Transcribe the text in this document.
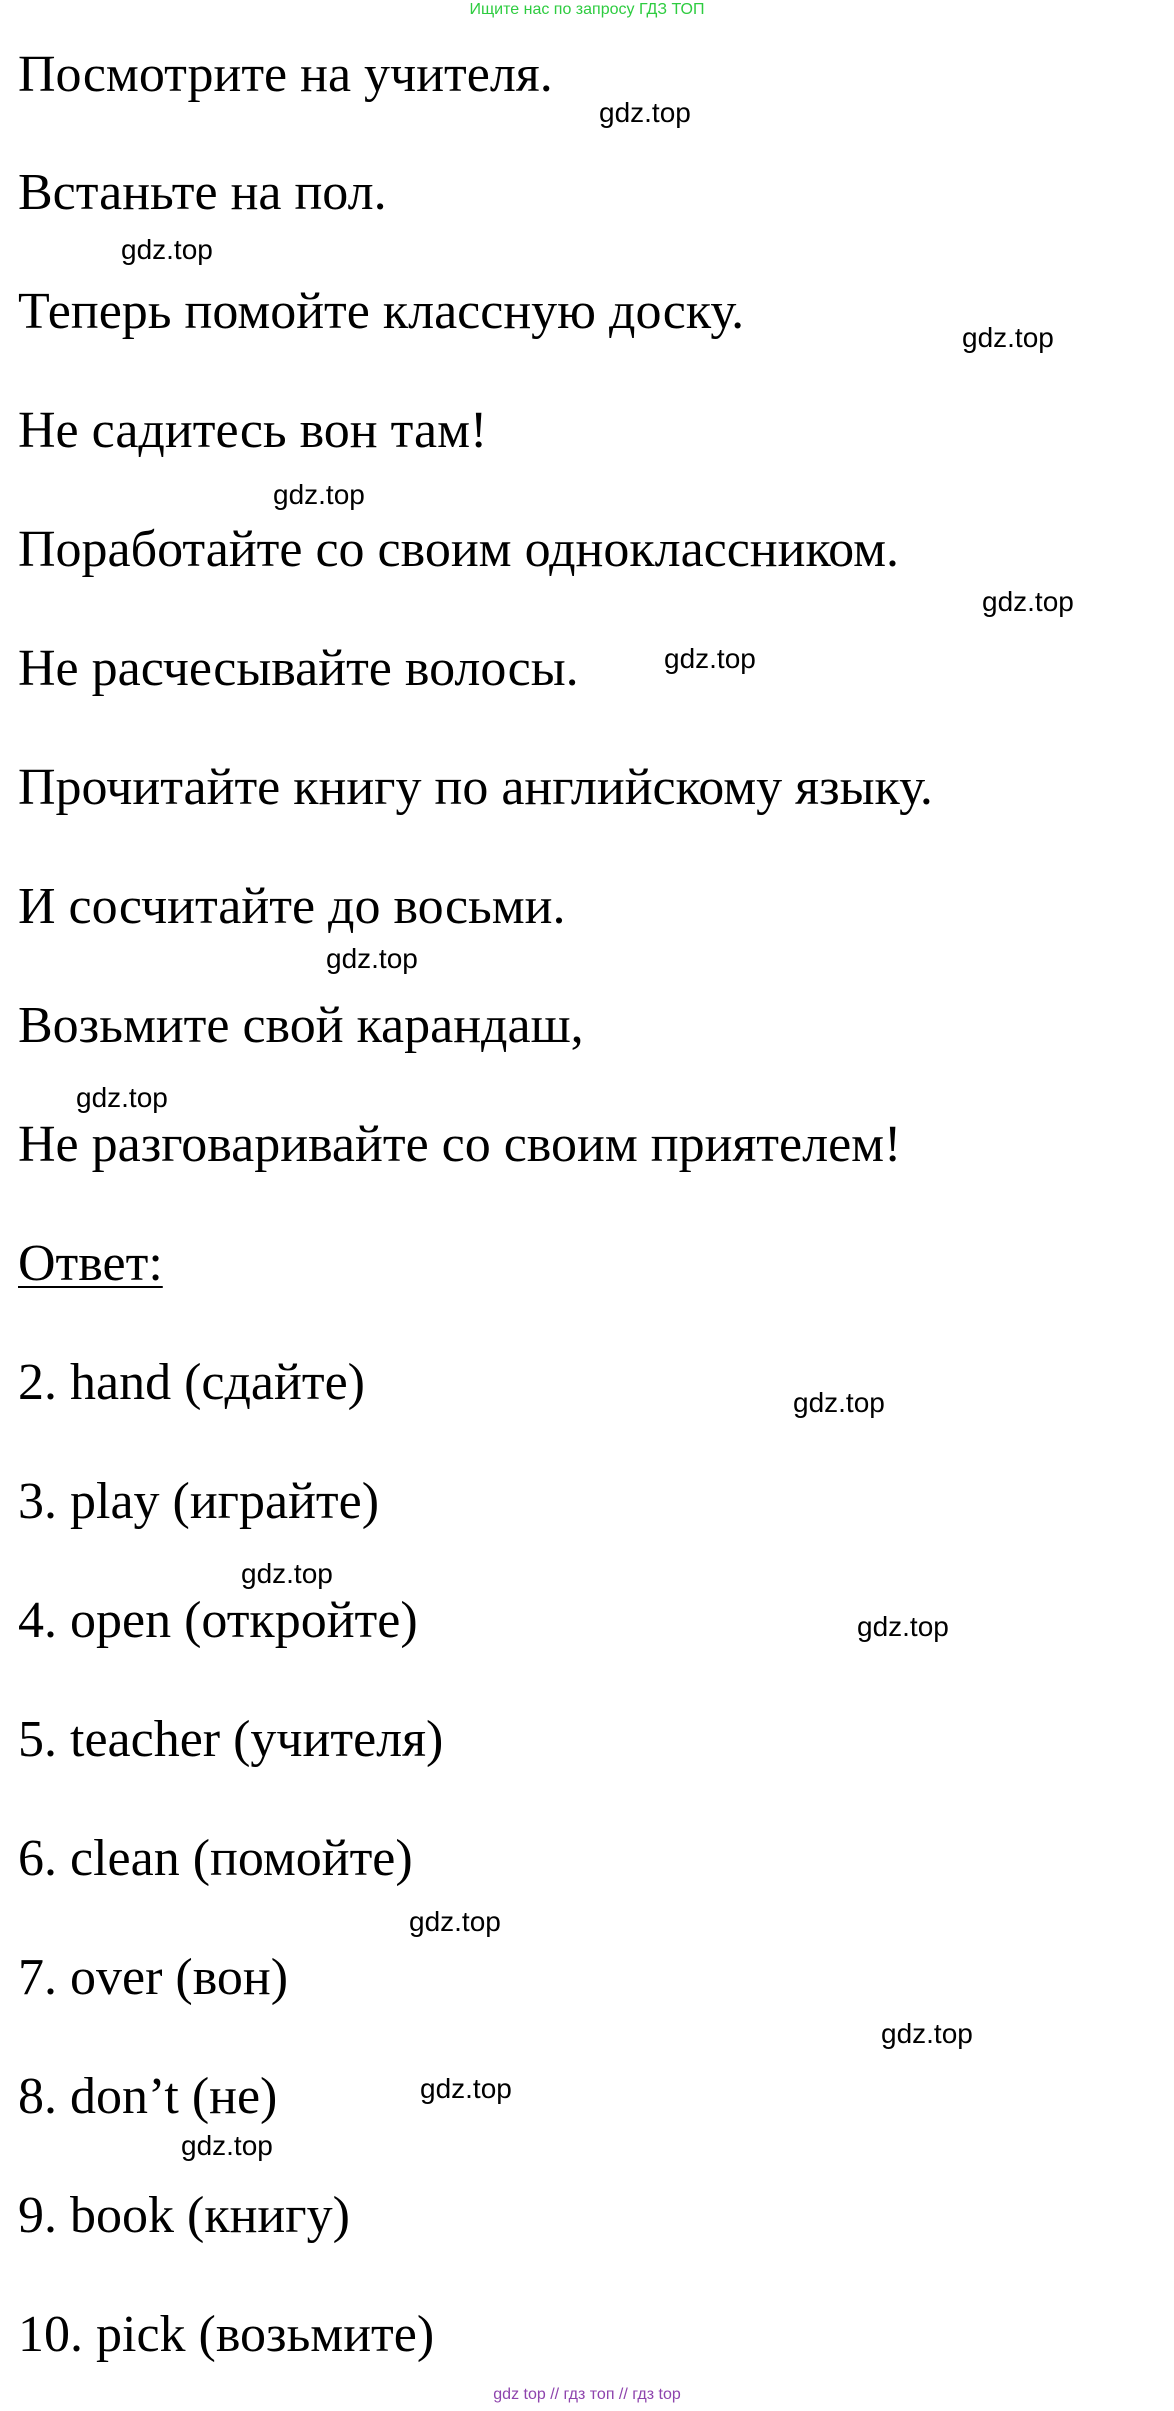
Ищите нас по запросу ГДЗ ТОП
Посмотрите на учителя.
Встаньте на пол.
Теперь помойте классную доску.
Не садитесь вон там!
Поработайте со своим одноклассником.
Не расчесывайте волосы.
Прочитайте книгу по английскому языку.
И сосчитайте до восьми.
Возьмите свой карандаш,
Не разговаривайте со своим приятелем!
Ответ:
2. hand (сдайте)
3. play (играйте)
4. open (откройте)
5. teacher (учителя)
6. clean (помойте)
7. over (вон)
8. don’t (не)
9. book (книгу)
10. pick (возьмите)
gdz.top
gdz.top
gdz.top
gdz.top
gdz.top
gdz.top
gdz.top
gdz.top
gdz.top
gdz.top
gdz.top
gdz.top
gdz.top
gdz.top
gdz.top
gdz top // гдз топ // гдз top
